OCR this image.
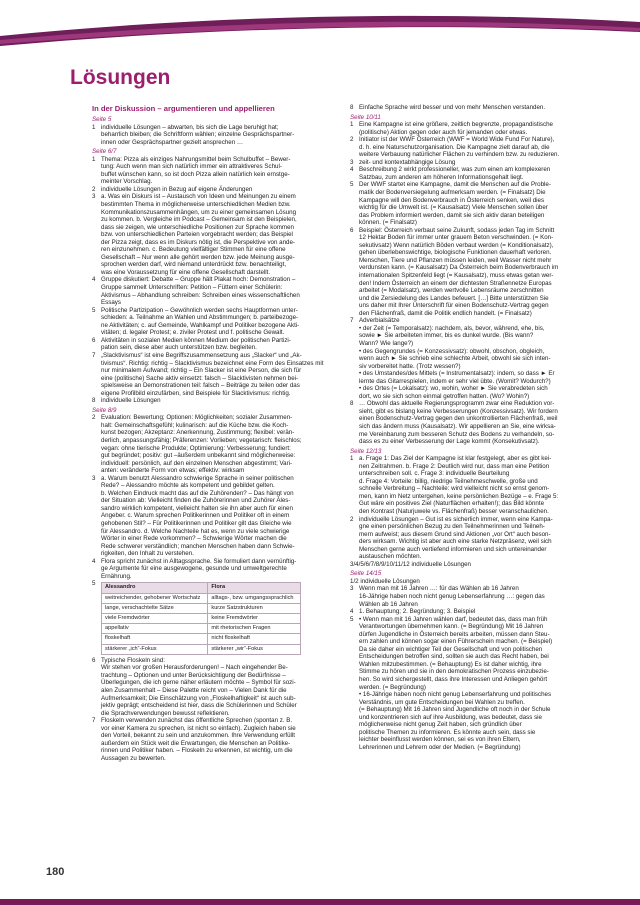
Lösungen
In der Diskussion – argumentieren und appellieren
Seite 5
1 individuelle Lösungen – abwarten, bis sich die Lage beruhigt hat;
beharrlich bleiben; die Schriftform wählen; einzelne Gesprächspartner-
innen oder Gesprächspartner gezielt ansprechen …
Seite 6/7
1 Thema: Pizza als einziges Nahrungsmittel beim Schulbuffet – Bewer-
tung: Auch wenn man sich natürlich immer ein attraktiveres Schul-
buffet wünschen kann, so ist doch Pizza allein natürlich kein ernstge-
meinter Vorschlag.
2 individuelle Lösungen in Bezug auf eigene Änderungen
3 a. Was ein Diskurs ist – Austausch von Ideen und Meinungen zu einem
bestimmten Thema in möglicherweise unterschiedlichen Medien bzw.
Kommunikationszusammenhängen, um zu einer gemeinsamen Lösung
zu kommen. b. Vergleiche im Podcast – Gemeinsam ist den Beispielen,
dass sie zeigen, wie unterschiedliche Positionen zur Sprache kommen
bzw. von unterschiedlichen Parteien vorgebracht werden; das Beispiel
der Pizza zeigt, dass es im Diskurs nötig ist, die Perspektive von ande-
ren einzunehmen. c. Bedeutung vielfältiger Stimmen für eine offene
Gesellschaft – Nur wenn alle gehört werden bzw. jede Meinung ausge-
sprochen werden darf, wird niemand unterdrückt bzw. benachteiligt,
was eine Voraussetzung für eine offene Gesellschaft darstellt.
4 Gruppe diskutiert: Debatte – Gruppe hält Plakat hoch: Demonstration –
Gruppe sammelt Unterschriften: Petition – Füttern einer Schülerin:
Aktivismus – Abhandlung schreiben: Schreiben eines wissenschaftlichen
Essays
5 Politische Partizipation – Gewöhnlich werden sechs Hauptformen unter-
schieden: a. Teilnahme an Wahlen und Abstimmungen; b. parteibezoge-
ne Aktivitäten; c. auf Gemeinde, Wahlkampf und Politiker bezogene Akti-
vitäten; d. legaler Protest; e. ziviler Protest und f. politische Gewalt.
6 Aktivitäten in sozialen Medien können Medium der politischen Partizi-
pation sein, diese aber auch unterstützen bzw. begleiten.
7 „Slacktivismus“ ist eine Begriffszusammensetzung aus „Slacker“ und „Ak-
tivismus“. Richtig: richtig – Slacktivismus bezeichnet eine Form des Einsatzes mit
nur minimalem Aufwand; richtig – Ein Slacker ist eine Person, die sich für
eine (politische) Sache aktiv einsetzt: falsch – Slacktivisten nehmen bei-
spielsweise an Demonstrationen teil: falsch – Beiträge zu teilen oder das
eigene Profilbild einzufärben, sind Beispiele für Slacktivismus: richtig.
8 individuelle Lösungen
Seite 8/9
2 Evaluation: Bewertung; Optionen: Möglichkeiten; sozialer Zusammen-
halt: Gemeinschaftsgefühl; kulinarisch: auf die Küche bzw. die Koch-
kunst bezogen; Akzeptanz: Anerkennung, Zustimmung; flexibel: verän-
derlich, anpassungsfähig; Präferenzen: Vorlieben; vegetarisch: fleischlos;
vegan: ohne tierische Produkte; Optimierung: Verbesserung; fundiert:
gut begründet; positiv: gut –äußerdem unbekannt sind möglicherweise:
individuell: persönlich, auf den einzelnen Menschen abgestimmt; Vari-
anten: veränderte Form von etwas; effektiv: wirksam
3 a. Warum benutzt Alessandro schwierige Sprache in seiner politischen
Rede? – Alessandro möchte als kompetent und gebildet gelten.
b. Welchen Eindruck macht das auf die Zuhörenden? – Das hängt von
der Situation ab: Vielleicht finden die Zuhörerinnen und Zuhörer Ales-
sandro wirklich kompetent, vielleicht halten sie ihn aber auch für einen
Angeber. c. Warum sprechen Politikerinnen und Politiker oft in einem
gehobenen Stil? – Für Politikerinnen und Politiker gilt das Gleiche wie
für Alessandro. d. Welche Nachteile hat es, wenn zu viele schwierige
Wörter in einer Rede vorkommen? – Schwierige Wörter machen die
Rede schwerer verständlich; manchen Menschen haben dann Schwie-
rigkeiten, den Inhalt zu verstehen.
4 Flora spricht zunächst in Alltagssprache. Sie formuliert dann vernünftig-
ge Argumente für eine ausgewogene, gesunde und umweltgerechte
Ernährung.
5	Alessandro	Flora
weitreichender, gehobener Wortschatz	alltags-, bzw. umgangssprachlich
lange, verschachtelte Sätze	kurze Satzstrukturen
viele Fremdwörter	keine Fremdwörter
appellativ	mit rhetorischen Fragen
floskelhaft	nicht floskelhaft
stärkerer „ich“-Fokus	stärkerer „wir“-Fokus
6 Typische Floskeln sind:
Wir stehen vor großen Herausforderungen! – Nach eingehender Be-
trachtung – Optionen und unter Berücksichtigung der Bedürfnisse –
Überlegungen, die ich gerne näher erläutern möchte – Symbol für sozi-
alen Zusammenhalt – Diese Palette reicht von – Vielen Dank für die
Aufmerksamkeit; Die Einschätzung von „Floskelhaftigkeit“ ist auch sub-
jektiv geprägt; entscheidend ist hier, dass die Schülerinnen und Schüler
die Sprachverwendungen bewusst reflektieren.
7 Floskeln verwenden zunächst das öffentliche Sprechen (spontan z. B.
vor einer Kamera zu sprechen, ist nicht so einfach). Zugleich haben sie
den Vorteil, bekannt zu sein und anzukommen. Ihre Verwendung erfüllt
außerdem ein Stück weit die Erwartungen, die Menschen an Politike-
rinnen und Politiker haben. – Floskeln zu erkennen, ist wichtig, um die
Aussagen zu bewerten.
8 Einfache Sprache wird besser und von mehr Menschen verstanden.
Seite 10/11
1 Eine Kampagne ist eine größere, zeitlich begrenzte, propagandistische
(politische) Aktion gegen oder auch für jemanden oder etwas.
2 Initiator ist der WWF Österreich (WWF = World Wide Fund For Nature),
d. h. eine Naturschutzorganisation. Die Kampagne zielt darauf ab, die
weitere Verbauung natürlicher Flächen zu verhindern bzw. zu reduzieren.
3 zeit- und kontextabhängige Lösung
4 Beschreibung 2 wirkt professioneller, was zum einen am komplexeren
Satzbau, zum anderen am höheren Informationsgehalt liegt.
5 Der WWF startet eine Kampagne, damit die Menschen auf die Proble-
matik der Bodenversiegelung aufmerksam werden. (= Finalsatz) Die
Kampagne will den Bodenverbrauch in Österreich senken, weil dies
wichtig für die Umwelt ist. (= Kausalsatz) Viele Menschen sollen über
das Problem informiert werden, damit sie sich aktiv daran beteiligen
können. (= Finalsatz)
6 Beispiel: Österreich verbaut seine Zukunft, sodass jeden Tag im Schnitt
12 Hektar Boden für immer unter grauem Beton verschwinden. (= Kon-
sekutivsatz) Wenn natürlich Böden verbaut werden (= Konditionalsatz),
gehen überlebenswichtige, biologische Funktionen dauerhaft verloren.
Menschen, Tiere und Pflanzen müssen leiden, weil Wasser nicht mehr
verdunsten kann. (= Kausalsatz) Da Österreich beim Bodenverbrauch im
internationalen Spitzenfeld liegt (= Kausalsatz), muss etwas getan wer-
den! Indem Österreich an einem der dichtesten Straßennetze Europas
arbeitet (= Modalsatz), werden wertvolle Lebensräume zerschnitten
und die Zersiedelung des Landes befeuert. […] Bitte unterstützen Sie
uns daher mit Ihrer Unterschrift für einen Bodenschutz-Vertrag gegen
den Flächenfraß, damit die Politik endlich handelt. (= Finalsatz)
7 Adverbialsätze
• der Zeit (= Temporalsatz): nachdem, als, bevor, während, ehe, bis,
sowie ► Sie arbeiteten immer, bis es dunkel wurde. (Bis wann?
Wann? Wie lange?)
• des Gegengrundes (= Konzessivsatz): obwohl, obschon, obgleich,
wenn auch ► Sie schrieb eine schlechte Arbeit, obwohl sie sich inten-
siv vorbereitet hatte. (Trotz wessen?)
• des Umstandes/des Mittels (= Instrumentalsatz): indem, so dass ► Er
lernte das Gitarrespielen, indem er sehr viel übte. (Womit? Wodurch?)
• des Ortes (= Lokalsatz): wo, wohin, woher ► Sie verabredeten sich
dort, wo sie sich schon einmal getroffen hatten. (Wo? Wohin?)
8 … Obwohl das aktuelle Regierungsprogramm zwar eine Reduktion vor-
sieht, gibt es bislang keine Verbesserungen (Konzessivsatz). Wir fordern
einen Bodenschutz-Vertrag gegen den unkontrollierten Flächenfraß, weil
sich das ändern muss (Kausalsatz). Wir appellieren an Sie, eine wirksa-
me Vereinbarung zum besseren Schutz des Bodens zu verhandeln, so-
dass es zu einer Verbesserung der Lage kommt (Konsekutivsatz).
Seite 12/13
1 a. Frage 1: Das Ziel der Kampagne ist klar festgelegt, aber es gibt kei-
nen Zeitrahmen. b. Frage 2: Deutlich wird nur, dass man eine Petition
unterschreiben soll. c. Frage 3: individuelle Beurteilung
d. Frage 4: Vorteile: billig, niedrige Teilnehmeschwelle, große und
schnelle Verbreitung – Nachteile: wird vielleicht nicht so ernst genom-
men, kann im Netz untergehen, keine persönlichen Bezüge – e. Frage 5:
Gut wäre ein positives Ziel (Naturflächen erhalten!); das Bild könnte
den Kontrast (Naturjuwele vs. Flächenfraß) besser veranschaulichen.
2 individuelle Lösungen – Gut ist es sicherlich immer, wenn eine Kampa-
gne einen persönlichen Bezug zu den Teilnehmerinnen und Teilneh-
mern aufweist; aus diesem Grund sind Aktionen „vor Ort“ auch beson-
ders wirksam. Wichtig ist aber auch eine starke Netzpräsenz, weil sich
Menschen gerne auch vertiefend informieren und sich untereinander
austauschen möchten.
3/4/5/6/7/8/9/10/11/12 individuelle Lösungen
Seite 14/15
1/2 individuelle Lösungen
3 Wenn man mit 16 Jahren …: für das Wählen ab 16 Jahren
16-Jährige haben noch nicht genug Lebenserfahrung …: gegen das
Wählen ab 16 Jahren
4 1. Behauptung; 2. Begründung; 3. Beispiel
5 • Wenn man mit 16 Jahren wählen darf, bedeutet das, dass man früh
Verantwortungen übernehmen kann. (= Begründung) Mit 16 Jahren
dürfen Jugendliche in Österreich bereits arbeiten, müssen dann Steu-
ern zahlen und können sogar einen Führerschein machen. (= Beispiel)
Da sie daher ein wichtiger Teil der Gesellschaft und von politischen
Entscheidungen betroffen sind, sollten sie auch das Recht haben, bei
Wahlen mitzubestimmen. (= Behauptung) Es ist daher wichtig, ihre
Stimme zu hören und sie in den demokratischen Prozess einzubezie-
hen. So wird sichergestellt, dass ihre Interessen und Anliegen gehört
werden. (= Begründung)
• 16-Jährige haben noch nicht genug Lebenserfahrung und politisches
Verständnis, um gute Entscheidungen bei Wahlen zu treffen.
(= Behauptung) Mit 16 Jahren sind Jugendliche oft noch in der Schule
und konzentrieren sich auf ihre Ausbildung, was bedeutet, dass sie
möglicherweise nicht genug Zeit haben, sich gründlich über
politische Themen zu informieren. Es könnte auch sein, dass sie
leichter beeinflusst werden können, sei es von ihren Eltern,
Lehrerinnen und Lehrern oder der Medien. (= Begründung)
180
